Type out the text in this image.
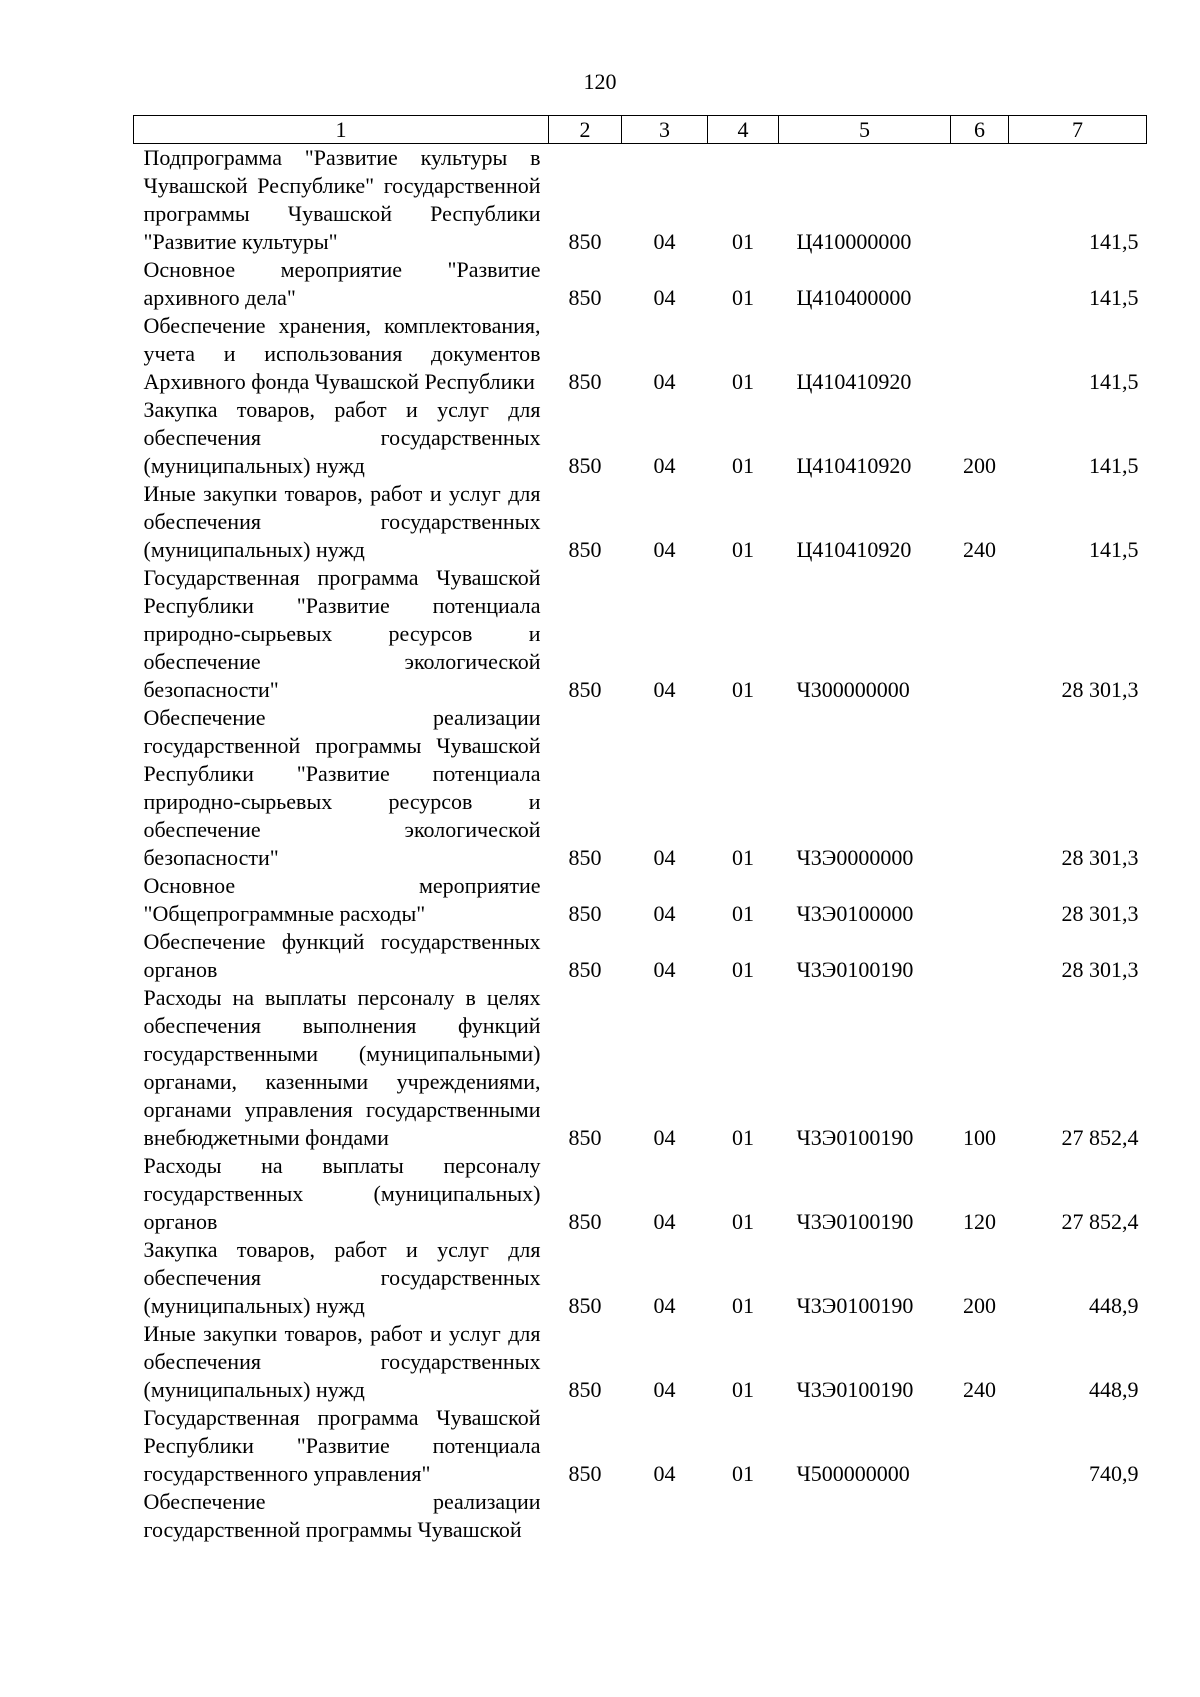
120
1	2	3	4	5	6	7
Подпрограмма "Развитие культуры в Чувашской Республике" государственной программы Чувашской Республики "Развитие культуры"	850	04	01	Ц410000000		141,5
Основное мероприятие "Развитие архивного дела"	850	04	01	Ц410400000		141,5
Обеспечение хранения, комплектования, учета и использования документов Архивного фонда Чувашской Республики	850	04	01	Ц410410920		141,5
Закупка товаров, работ и услуг для обеспечения государственных (муниципальных) нужд	850	04	01	Ц410410920	200	141,5
Иные закупки товаров, работ и услуг для обеспечения государственных (муниципальных) нужд	850	04	01	Ц410410920	240	141,5
Государственная программа Чувашской Республики "Развитие потенциала природно-сырьевых ресурсов и обеспечение экологической безопасности"	850	04	01	Ч300000000		28 301,3
Обеспечение реализации государственной программы Чувашской Республики "Развитие потенциала природно-сырьевых ресурсов и обеспечение экологической безопасности"	850	04	01	Ч3Э0000000		28 301,3
Основное мероприятие "Общепрограммные расходы"	850	04	01	Ч3Э0100000		28 301,3
Обеспечение функций государственных органов	850	04	01	Ч3Э0100190		28 301,3
Расходы на выплаты персоналу в целях обеспечения выполнения функций государственными (муниципальными) органами, казенными учреждениями, органами управления государственными внебюджетными фондами	850	04	01	Ч3Э0100190	100	27 852,4
Расходы на выплаты персоналу государственных (муниципальных) органов	850	04	01	Ч3Э0100190	120	27 852,4
Закупка товаров, работ и услуг для обеспечения государственных (муниципальных) нужд	850	04	01	Ч3Э0100190	200	448,9
Иные закупки товаров, работ и услуг для обеспечения государственных (муниципальных) нужд	850	04	01	Ч3Э0100190	240	448,9
Государственная программа Чувашской Республики "Развитие потенциала государственного управления"	850	04	01	Ч500000000		740,9
Обеспечение реализации государственной программы Чувашской						
